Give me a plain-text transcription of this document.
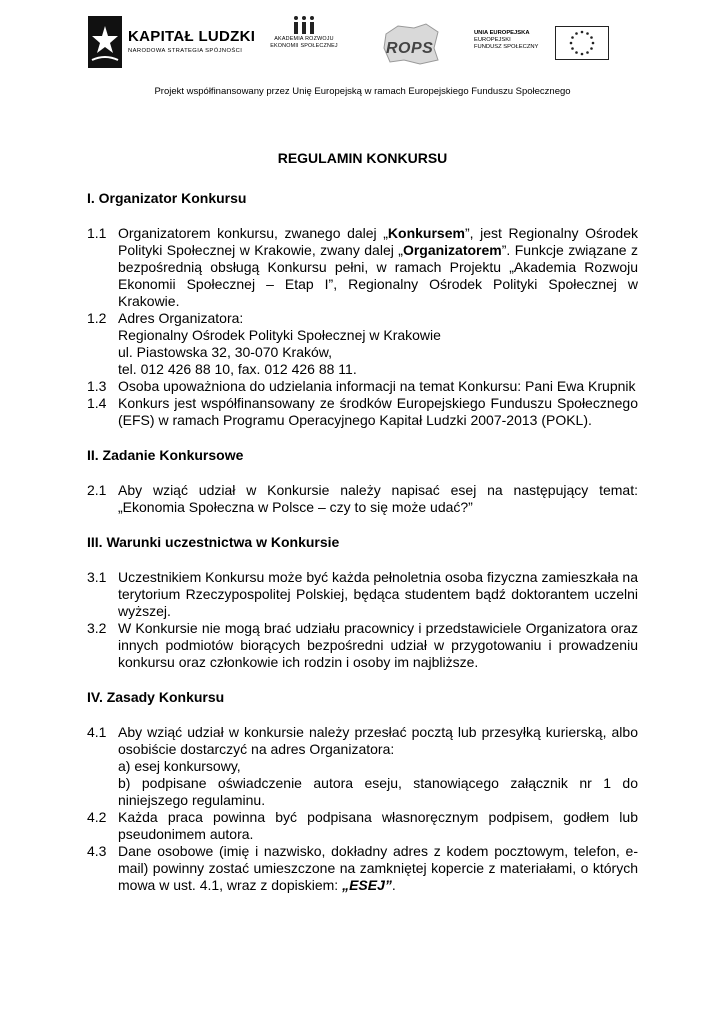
KAPITAŁ LUDZKI
NARODOWA STRATEGIA SPÓJNOŚCI
AKADEMIA ROZWOJU
EKONOMII SPOŁECZNEJ	ROPS
UNIA EUROPEJSKA
EUROPEJSKI
FUNDUSZ SPOŁECZNY
Projekt współfinansowany przez Unię Europejską w ramach Europejskiego Funduszu Społecznego
REGULAMIN KONKURSU
I. Organizator Konkursu
1.1 Organizatorem konkursu, zwanego dalej „Konkursem”, jest Regionalny Ośrodek Polityki Społecznej w Krakowie, zwany dalej „Organizatorem”. Funkcje związane z bezpośrednią obsługą Konkursu pełni, w ramach Projektu „Akademia Rozwoju Ekonomii Społecznej – Etap I”, Regionalny Ośrodek Polityki Społecznej w Krakowie.
1.2 Adres Organizatora:
Regionalny Ośrodek Polityki Społecznej w Krakowie
ul. Piastowska 32, 30-070 Kraków,
tel. 012 426 88 10, fax. 012 426 88 11.
1.3 Osoba upoważniona do udzielania informacji na temat Konkursu: Pani Ewa Krupnik
1.4 Konkurs jest współfinansowany ze środków Europejskiego Funduszu Społecznego (EFS) w ramach Programu Operacyjnego Kapitał Ludzki 2007-2013 (POKL).
II. Zadanie Konkursowe
2.1 Aby wziąć udział w Konkursie należy napisać esej na następujący temat: „Ekonomia Społeczna w Polsce – czy to się może udać?”
III. Warunki uczestnictwa w Konkursie
3.1 Uczestnikiem Konkursu może być każda pełnoletnia osoba fizyczna zamieszkała na terytorium Rzeczypospolitej Polskiej, będąca studentem bądź doktorantem uczelni wyższej.
3.2 W Konkursie nie mogą brać udziału pracownicy i przedstawiciele Organizatora oraz innych podmiotów biorących bezpośredni udział w przygotowaniu i prowadzeniu konkursu oraz członkowie ich rodzin i osoby im najbliższe.
IV. Zasady Konkursu
4.1 Aby wziąć udział w konkursie należy przesłać pocztą lub przesyłką kurierską, albo osobiście dostarczyć na adres Organizatora:
a) esej konkursowy,
b) podpisane oświadczenie autora eseju, stanowiącego załącznik nr 1 do niniejszego regulaminu.
4.2 Każda praca powinna być podpisana własnoręcznym podpisem, godłem lub pseudonimem autora.
4.3 Dane osobowe (imię i nazwisko, dokładny adres z kodem pocztowym, telefon, e-mail) powinny zostać umieszczone na zamkniętej kopercie z materiałami, o których mowa w ust. 4.1, wraz z dopiskiem: „ESEJ”.
